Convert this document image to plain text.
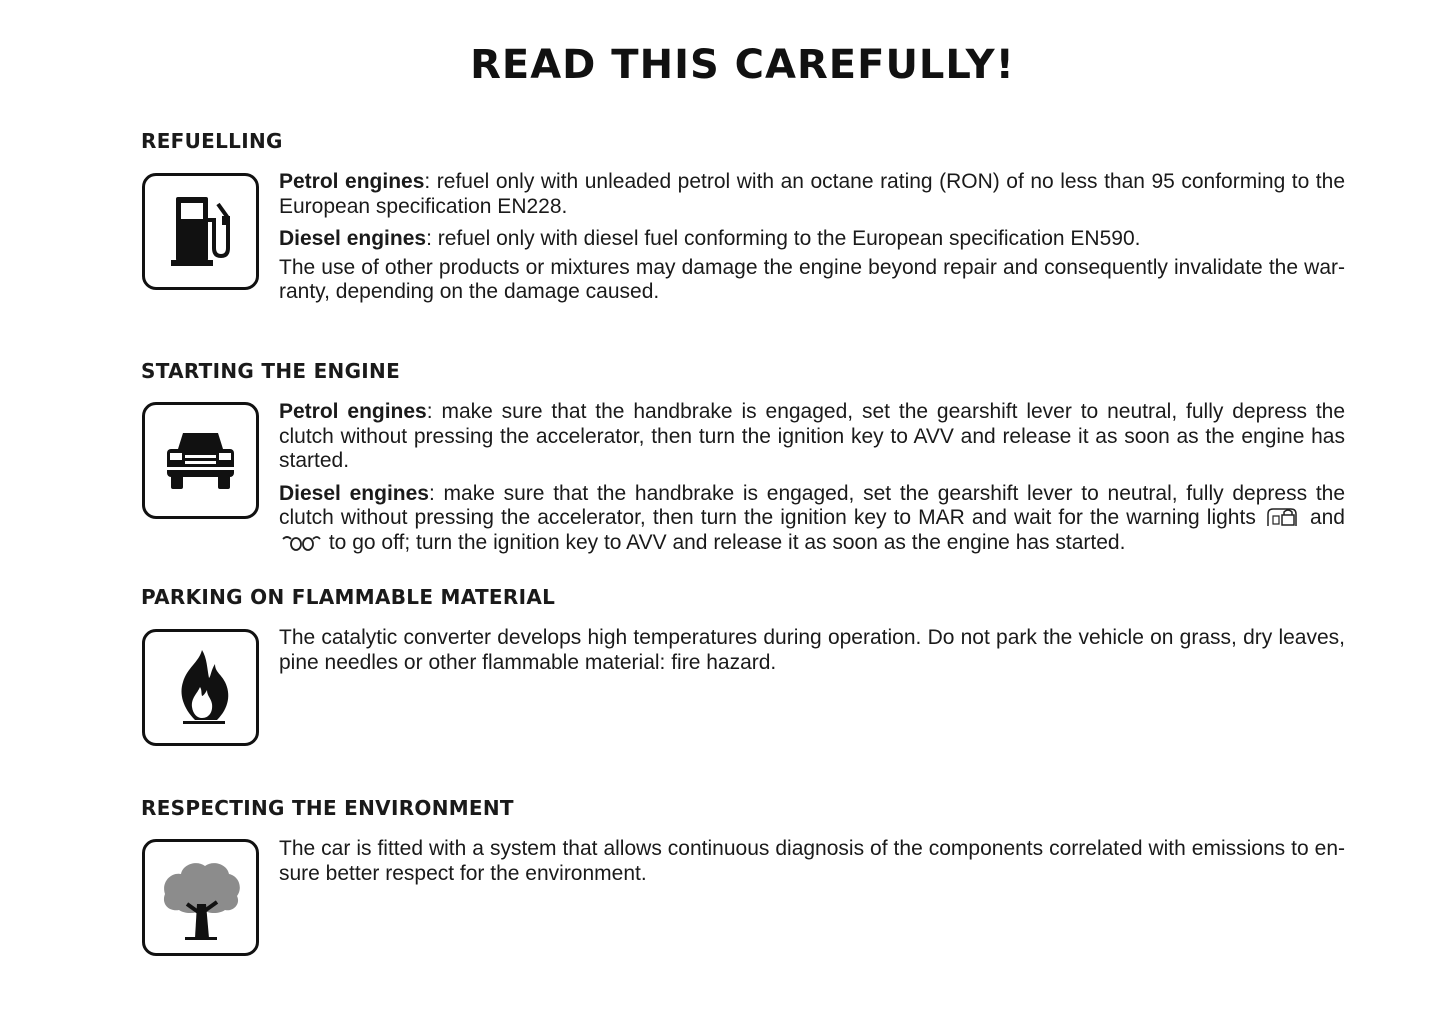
READ THIS CAREFULLY!
REFUELLING

Petrol engines: refuel only with unleaded petrol with an octane rating (RON) of no less than 95 conforming to the European specification EN228.

Diesel engines: refuel only with diesel fuel conforming to the European specification EN590.

The use of other products or mixtures may damage the engine beyond repair and consequently invalidate the warranty, depending on the damage caused.

STARTING THE ENGINE

Petrol engines: make sure that the handbrake is engaged, set the gearshift lever to neutral, fully depress the clutch without pressing the accelerator, then turn the ignition key to AVV and release it as soon as the engine has started.

Diesel engines: make sure that the handbrake is engaged, set the gearshift lever to neutral, fully depress the clutch without pressing the accelerator, then turn the ignition key to MAR and wait for the warning lights	and  to go off; turn the ignition key to AVV and release it as soon as the engine has started.

PARKING ON FLAMMABLE MATERIAL

The catalytic converter develops high temperatures during operation. Do not park the vehicle on grass, dry leaves, pine needles or other flammable material: fire hazard.

RESPECTING THE ENVIRONMENT

The car is fitted with a system that allows continuous diagnosis of the components correlated with emissions to ensure better respect for the environment.
